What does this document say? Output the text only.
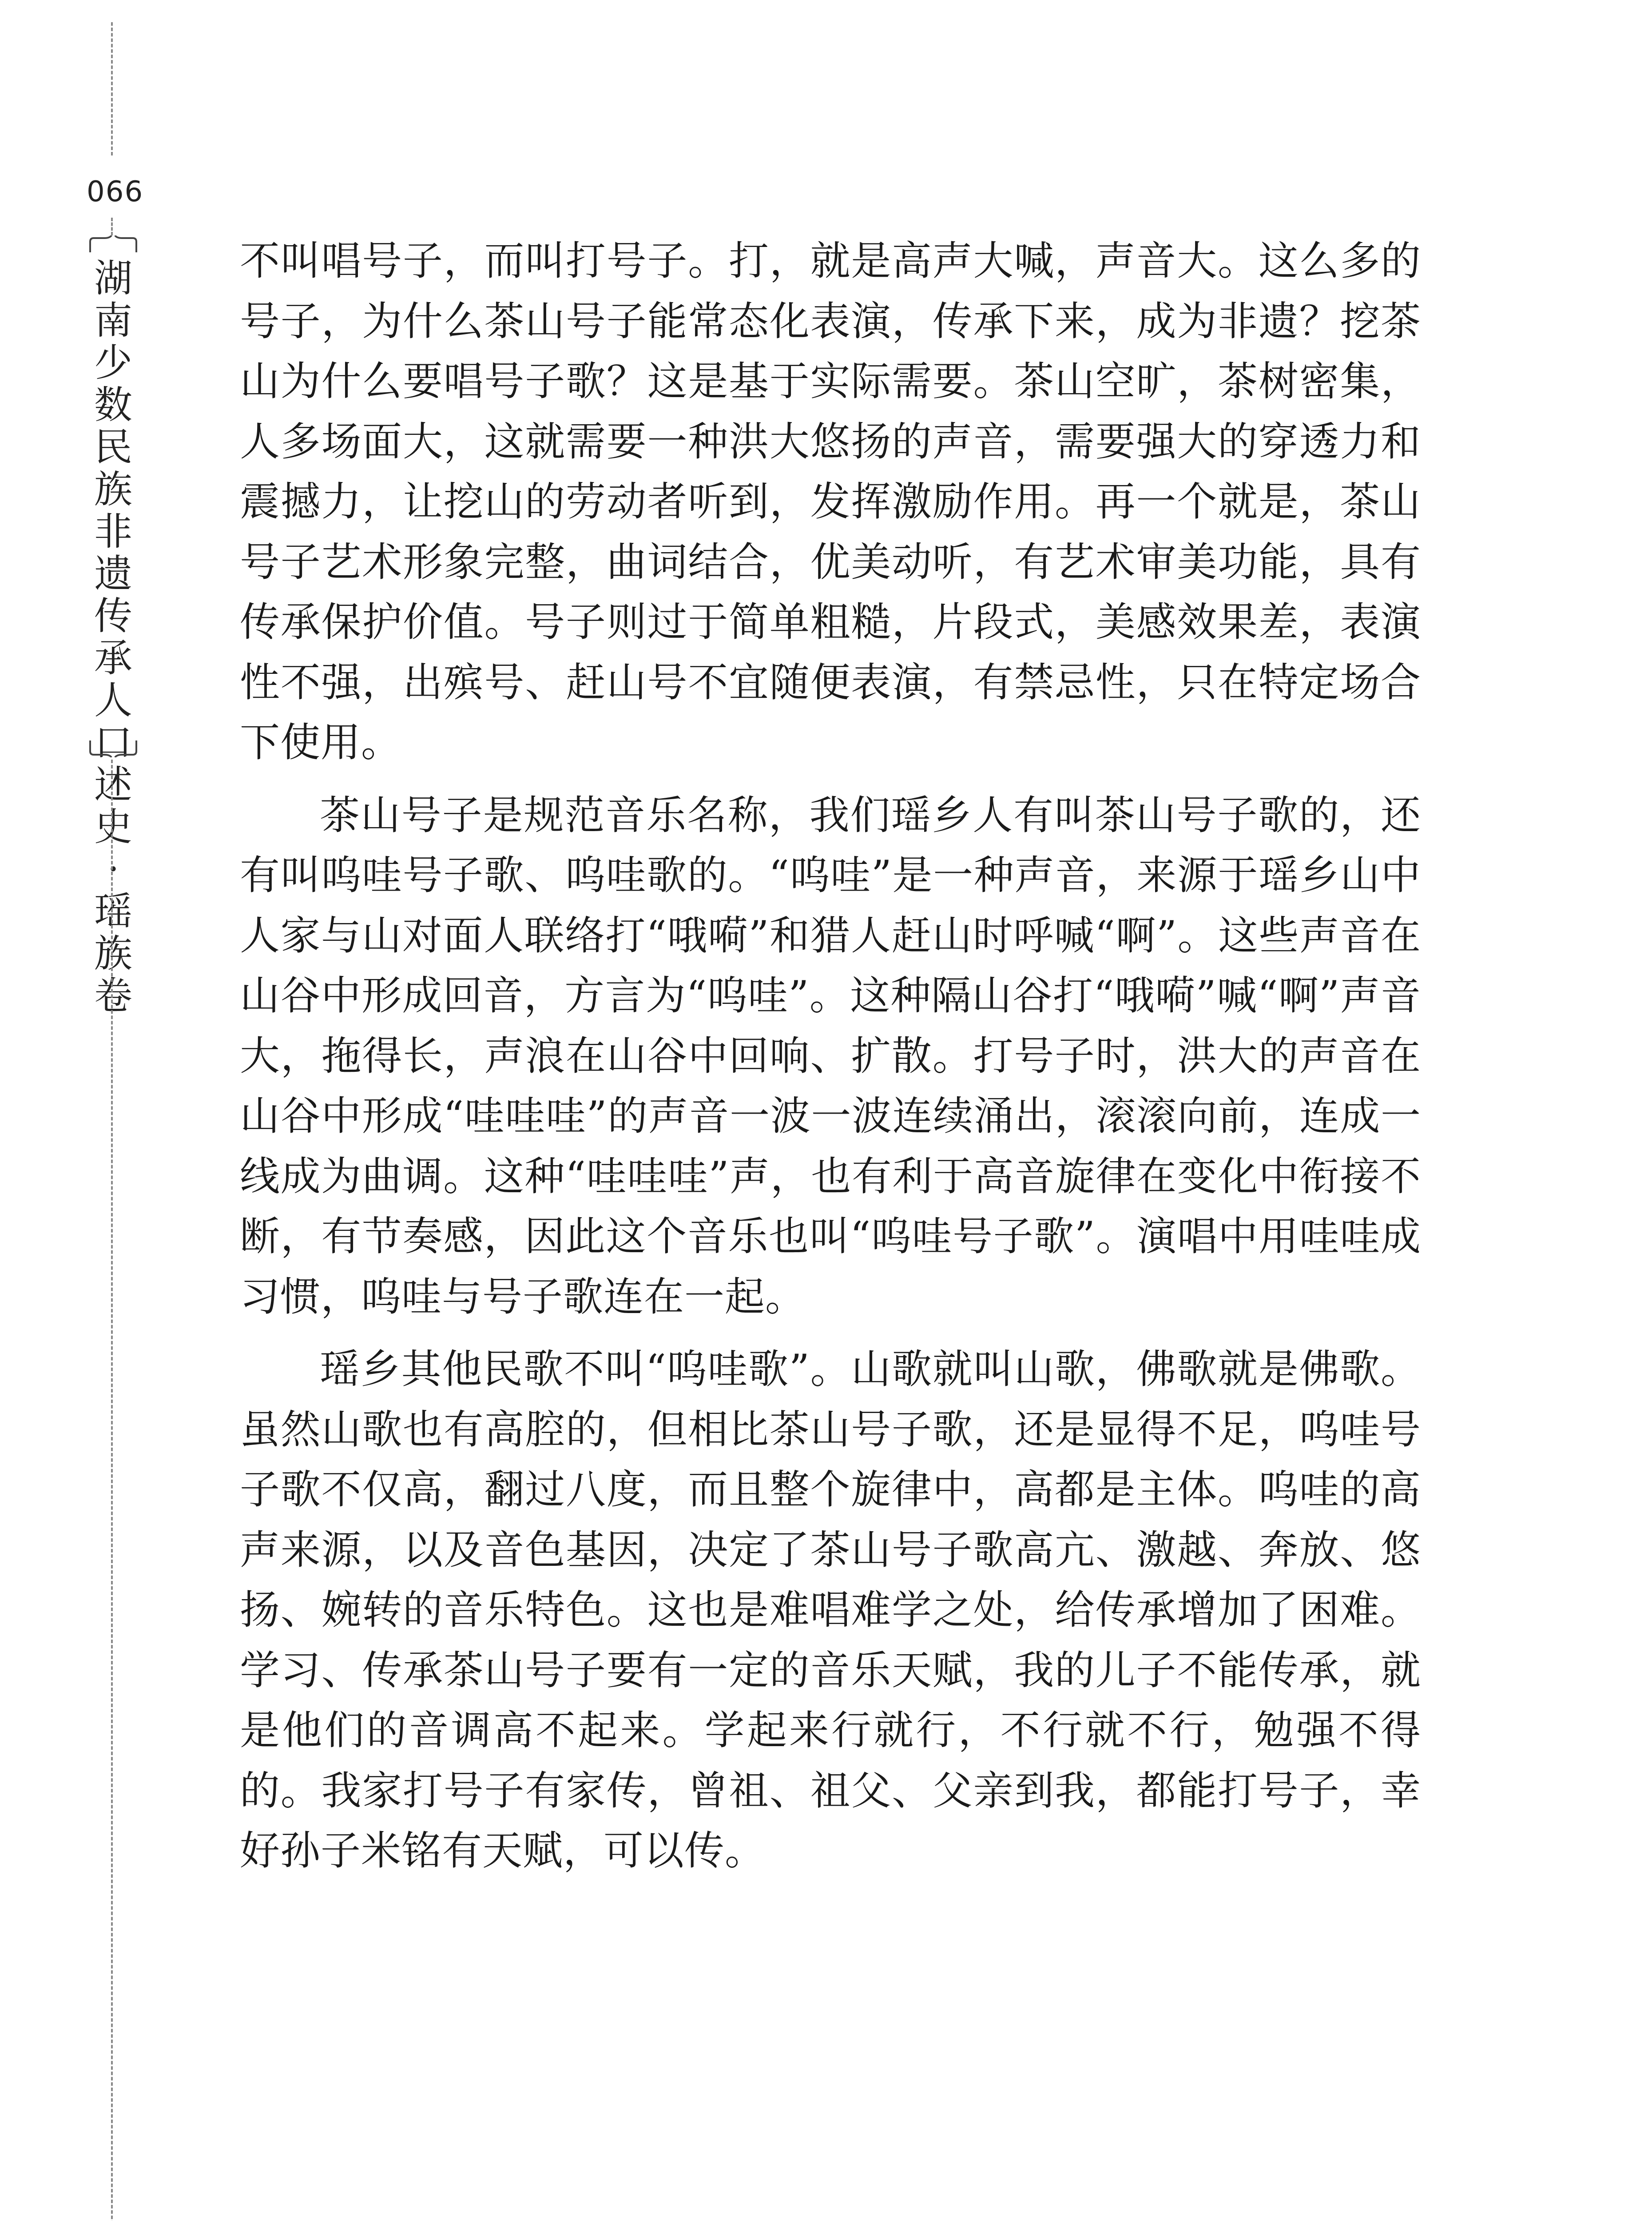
066
湖南少数民族非遗传承人口述史·瑶族卷

不叫唱号子，而叫打号子。打，就是高声大喊，声音大。这么多的号子，为什么茶山号子能常态化表演，传承下来，成为非遗？挖茶山为什么要唱号子歌？这是基于实际需要。茶山空旷，茶树密集，人多场面大，这就需要一种洪大悠扬的声音，需要强大的穿透力和震撼力，让挖山的劳动者听到，发挥激励作用。再一个就是，茶山号子艺术形象完整，曲词结合，优美动听，有艺术审美功能，具有传承保护价值。号子则过于简单粗糙，片段式，美感效果差，表演性不强，出殡号、赶山号不宜随便表演，有禁忌性，只在特定场合下使用。

茶山号子是规范音乐名称，我们瑶乡人有叫茶山号子歌的，还有叫呜哇号子歌、呜哇歌的。“呜哇”是一种声音，来源于瑶乡山中人家与山对面人联络打“哦嗬”和猎人赶山时呼喊“啊”。这些声音在山谷中形成回音，方言为“呜哇”。这种隔山谷打“哦嗬”喊“啊”声音大，拖得长，声浪在山谷中回响、扩散。打号子时，洪大的声音在山谷中形成“哇哇哇”的声音一波一波连续涌出，滚滚向前，连成一线成为曲调。这种“哇哇哇”声，也有利于高音旋律在变化中衔接不断，有节奏感，因此这个音乐也叫“呜哇号子歌”。演唱中用哇哇成习惯，呜哇与号子歌连在一起。

瑶乡其他民歌不叫“呜哇歌”。山歌就叫山歌，佛歌就是佛歌。虽然山歌也有高腔的，但相比茶山号子歌，还是显得不足，呜哇号子歌不仅高，翻过八度，而且整个旋律中，高都是主体。呜哇的高声来源，以及音色基因，决定了茶山号子歌高亢、激越、奔放、悠扬、婉转的音乐特色。这也是难唱难学之处，给传承增加了困难。学习、传承茶山号子要有一定的音乐天赋，我的儿子不能传承，就是他们的音调高不起来。学起来行就行，不行就不行，勉强不得的。我家打号子有家传，曾祖、祖父、父亲到我，都能打号子，幸好孙子米铭有天赋，可以传。
